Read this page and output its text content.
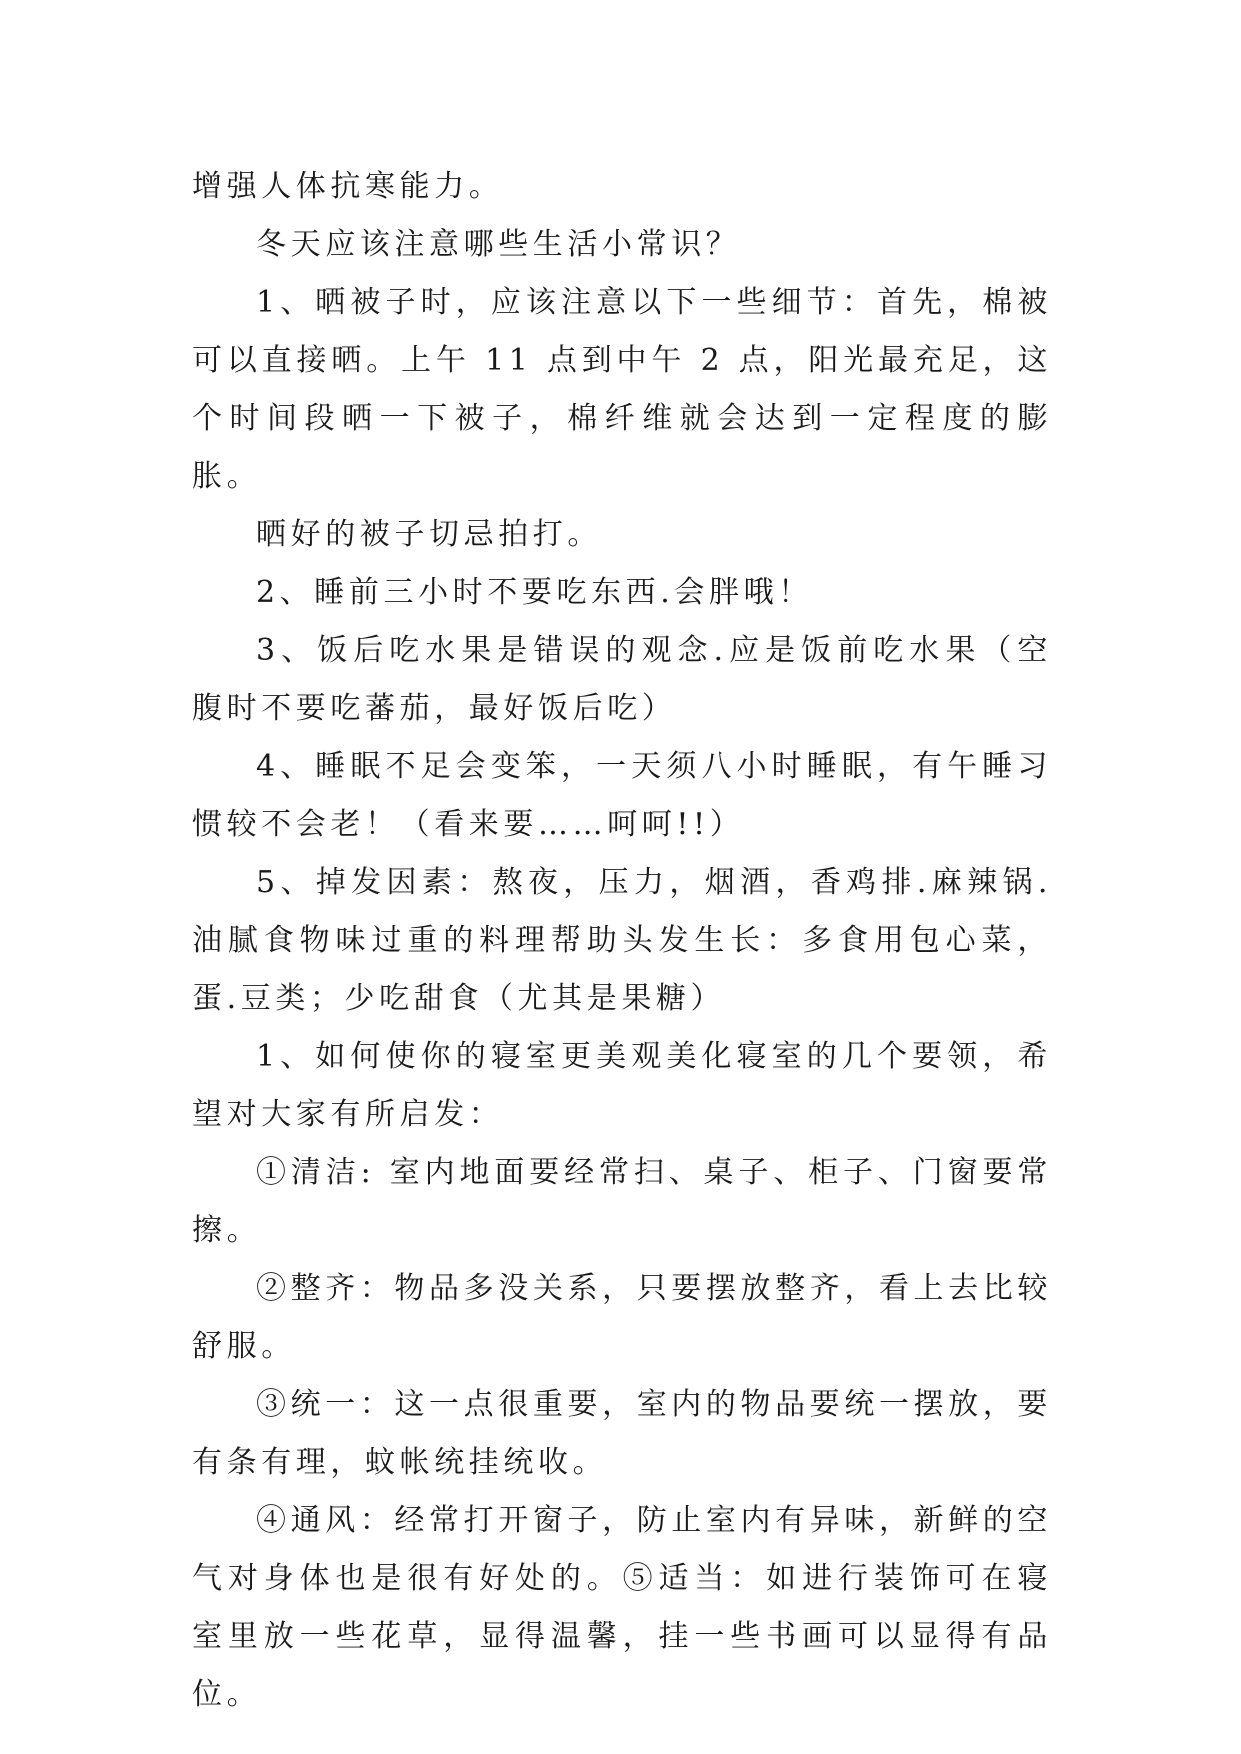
增强人体抗寒能力。

冬天应该注意哪些生活小常识？

1、晒被子时，应该注意以下一些细节：首先，棉被可以直接晒。上午 11 点到中午 2 点，阳光最充足，这个时间段晒一下被子，棉纤维就会达到一定程度的膨胀。

晒好的被子切忌拍打。

2、睡前三小时不要吃东西.会胖哦！

3、饭后吃水果是错误的观念.应是饭前吃水果（空腹时不要吃蕃茄，最好饭后吃）

4、睡眠不足会变笨，一天须八小时睡眠，有午睡习惯较不会老！（看来要……呵呵!!）

5、掉发因素：熬夜，压力，烟酒，香鸡排.麻辣锅.油腻食物味过重的料理帮助头发生长：多食用包心菜，蛋.豆类；少吃甜食（尤其是果糖）

1、如何使你的寝室更美观美化寝室的几个要领，希望对大家有所启发：

①清洁: 室内地面要经常扫、桌子、柜子、门窗要常擦。

②整齐：物品多没关系，只要摆放整齐，看上去比较舒服。

③统一：这一点很重要，室内的物品要统一摆放，要有条有理，蚊帐统挂统收。

④通风：经常打开窗子，防止室内有异味，新鲜的空气对身体也是很有好处的。⑤适当：如进行装饰可在寝室里放一些花草，显得温馨，挂一些书画可以显得有品位。
